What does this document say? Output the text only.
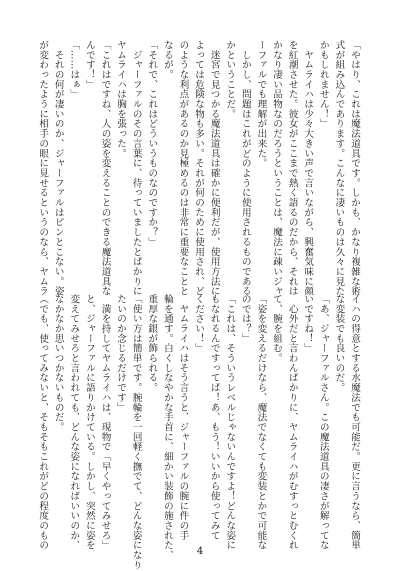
「やはり、これは魔法道具です。しかも、かなり複雑な術
式が組み込んであります。こんなに凄いものは久々に見た
かもしれません！」
　ヤムライハは少々大きい声で言いながら、興奮気味に顔
を紅潮させた。彼女がここまで熱く語るのだから、それは
かなり凄い品物なのだろうということは、魔法に疎いジャ
ーファルでも理解が出来た。
　しかし、問題はこれがどのように使用されるものである
かということだ。
　迷宮で見つかる魔法道具は確かに便利だが、使用方法に
よっては危険な物も多い。それが何のために使用され、ど
のような利点があるのか見極めるのは非常に重要なことと
なるが。
「それで、これはどういうものなのですか？」
　ジャーファルのその言葉に、待っていましたとばかりに
ヤムライハは胸を張った。
「これはですね、人の姿を変えることのできる魔法道具な
んです！」
「……はぁ」
　それの何が凄いのか、ジャーファルはピンとこない。姿
が変わったように相手の眼に見せるというのなら、ヤムラ
イハの得意とする水魔法でも可能だ。更に言うなら、簡単
な変装でも良いのだ。
「あ、ジャーファルさん。この魔法道具の凄さが解ってな
いですね！」
　心外だと言わんばかりに、ヤムライハがむすっとむくれ
て、腕を組む。
「姿を変えるだけなら、魔法でなくても変装とかで可能な
のでは？」
「これは、そういうレベルじゃないんですよ！どんな姿に
もなれるんですってば！あ、もう！いいから使ってみて
ください！」
　ヤムライハはそう言うと、ジャーファルの腕に件の手
輪を通す。白くしなやかな手首に、細かい装飾の施された、
重厚な銀が飾られる。
「使い方は簡単です。腕輪を一回軽く撫でて、どんな姿になり
たいのか念じるだけです」
　満を持してヤムライハは、現物で「早くやってみせろ」
と、ジャーファルに語りかけている。しかし、突然に姿を
変えてみせろと言われても、どんな姿になればいいのか、
なかなか思いつかないものだ。
（でも、使ってみないと、そもそもこれがどの程度のもの
4
